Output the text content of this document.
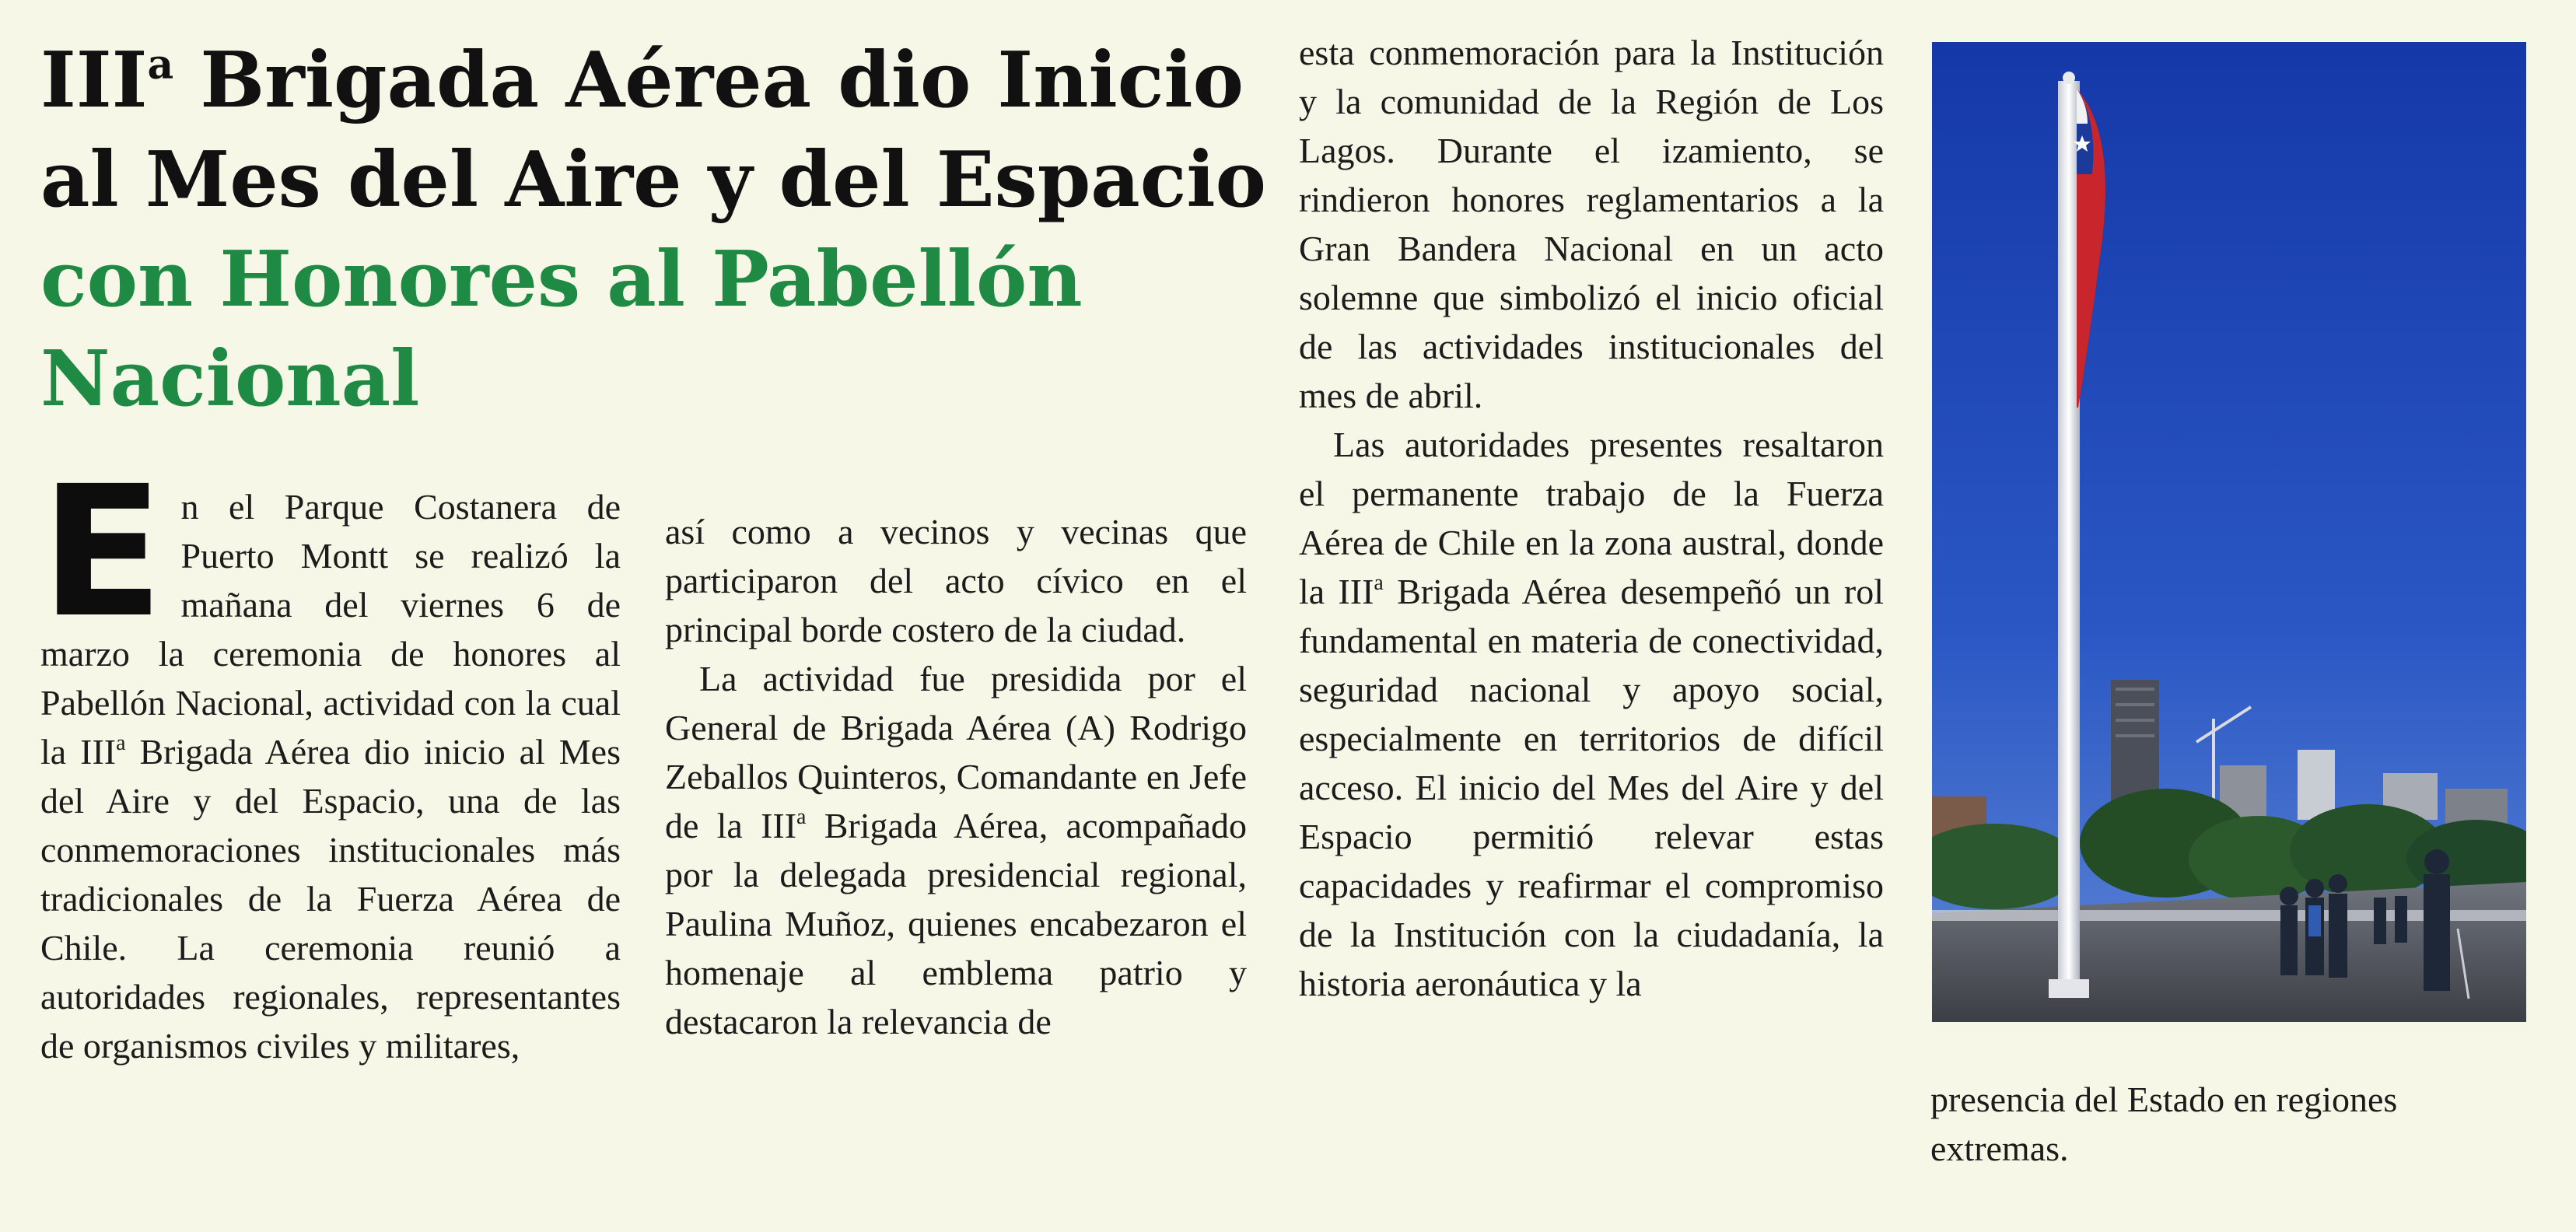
III$^a$ Brigada Aérea dio Inicio al Mes del Aire y del Espacio con Honores al Pabellón Nacional

En el Parque Costanera de Puerto Montt se realizó la mañana del viernes 6 de marzo la ceremonia de honores al Pabellón Nacional, actividad con la cual la III$^a$ Brigada Aérea dio inicio al Mes del Aire y del Espacio, una de las conmemoraciones institucionales más tradicionales de la Fuerza Aérea de Chile. La ceremonia reunió a autoridades regionales, representantes de organismos civiles y militares,

así como a vecinos y vecinas que participaron del acto cívico en el principal borde costero de la ciudad.

La actividad fue presidida por el General de Brigada Aérea (A) Rodrigo Zeballos Quinteros, Comandante en Jefe de la III$^a$ Brigada Aérea, acompañado por la delegada presidencial regional, Paulina Muñoz, quienes encabezaron el homenaje al emblema patrio y destacaron la relevancia de

esta conmemoración para la Institución y la comunidad de la Región de Los Lagos. Durante el izamiento, se rindieron honores reglamentarios a la Gran Bandera Nacional en un acto solemne que simbolizó el inicio oficial de las actividades institucionales del mes de abril.

Las autoridades presentes resaltaron el permanente trabajo de la Fuerza Aérea de Chile en la zona austral, donde la III$^a$ Brigada Aérea desempeñó un rol fundamental en materia de conectividad, seguridad nacional y apoyo social, especialmente en territorios de difícil acceso. El inicio del Mes del Aire y del Espacio permitió relevar estas capacidades y reafirmar el compromiso de la Institución con la ciudadanía, la historia aeronáutica y la

presencia del Estado en regiones extremas.
